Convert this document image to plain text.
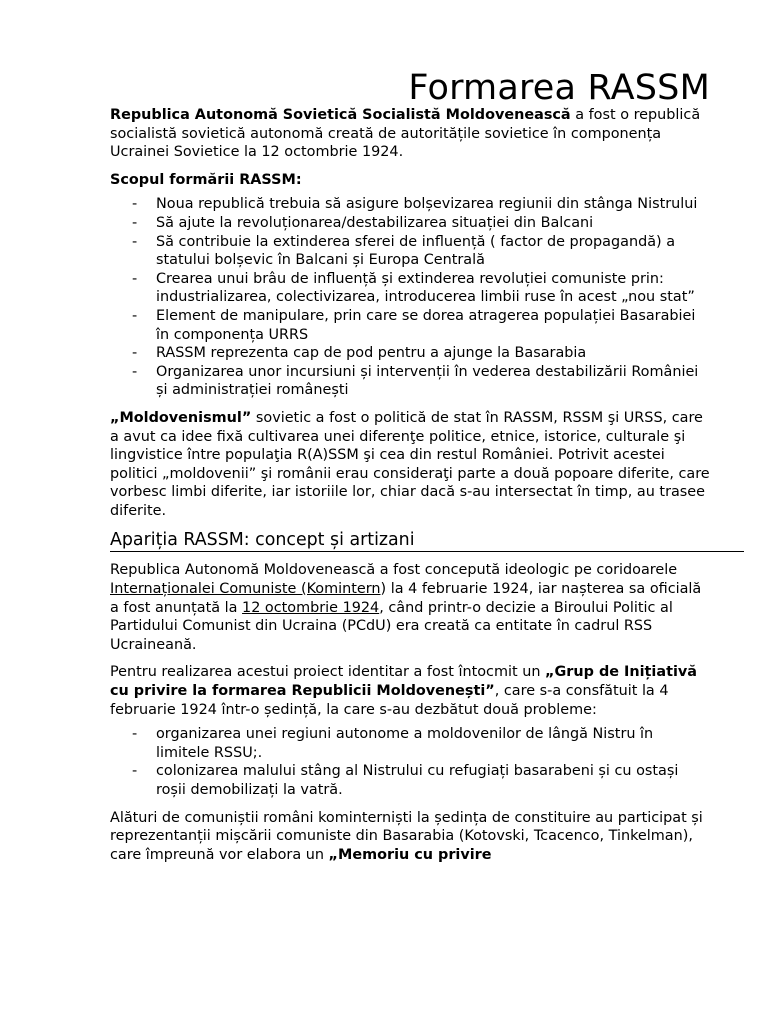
Formarea RASSM

Republica Autonomă Sovietică Socialistă Moldovenească a fost o republică socialistă sovietică autonomă creată de autoritățile sovietice în componența Ucrainei Sovietice la 12 octombrie 1924.

Scopul formării RASSM:

- Noua republică trebuia să asigure bolșevizarea regiunii din stânga Nistrului
- Să ajute la revoluționarea/destabilizarea situației din Balcani
- Să contribuie la extinderea sferei de influență ( factor de propagandă) a statului bolșevic în Balcani și Europa Centrală
- Crearea unui brâu de influență și extinderea revoluției comuniste prin: industrializarea, colectivizarea, introducerea limbii ruse în acest „nou stat”
- Element de manipulare, prin care se dorea atragerea populației Basarabiei în componența URRS
- RASSM reprezenta cap de pod pentru a ajunge la Basarabia
- Organizarea unor incursiuni și intervenții în vederea destabilizării României și administrației românești

„Moldovenismul” sovietic a fost o politică de stat în RASSM, RSSM şi URSS, care a avut ca idee fixă cultivarea unei diferenţe politice, etnice, istorice, culturale şi lingvistice între populaţia R(A)SSM şi cea din restul României. Potrivit acestei politici „moldovenii” şi românii erau consideraţi parte a două popoare diferite, care vorbesc limbi diferite, iar istoriile lor, chiar dacă s-au intersectat în timp, au trasee diferite.

Apariția RASSM: concept și artizani

Republica Autonomă Moldovenească a fost concepută ideologic pe coridoarele Internaționalei Comuniste (Komintern) la 4 februarie 1924, iar nașterea sa oficială a fost anunțată la 12 octombrie 1924, când printr-o decizie a Biroului Politic al Partidului Comunist din Ucraina (PCdU) era creată ca entitate în cadrul RSS Ucraineană.

Pentru realizarea acestui proiect identitar a fost întocmit un „Grup de Inițiativă cu privire la formarea Republicii Moldovenești”, care s-a consfătuit la 4 februarie 1924 într-o ședință, la care s-au dezbătut două probleme:

- organizarea unei regiuni autonome a moldovenilor de lângă Nistru în limitele RSSU;.
- colonizarea malului stâng al Nistrului cu refugiați basarabeni și cu ostași roșii demobilizați la vatră.

Alături de comuniștii români kominterniști la ședința de constituire au participat și reprezentanții mișcării comuniste din Basarabia (Kotovski, Tcacenco, Tinkelman), care împreună vor elabora un „Memoriu cu privire
